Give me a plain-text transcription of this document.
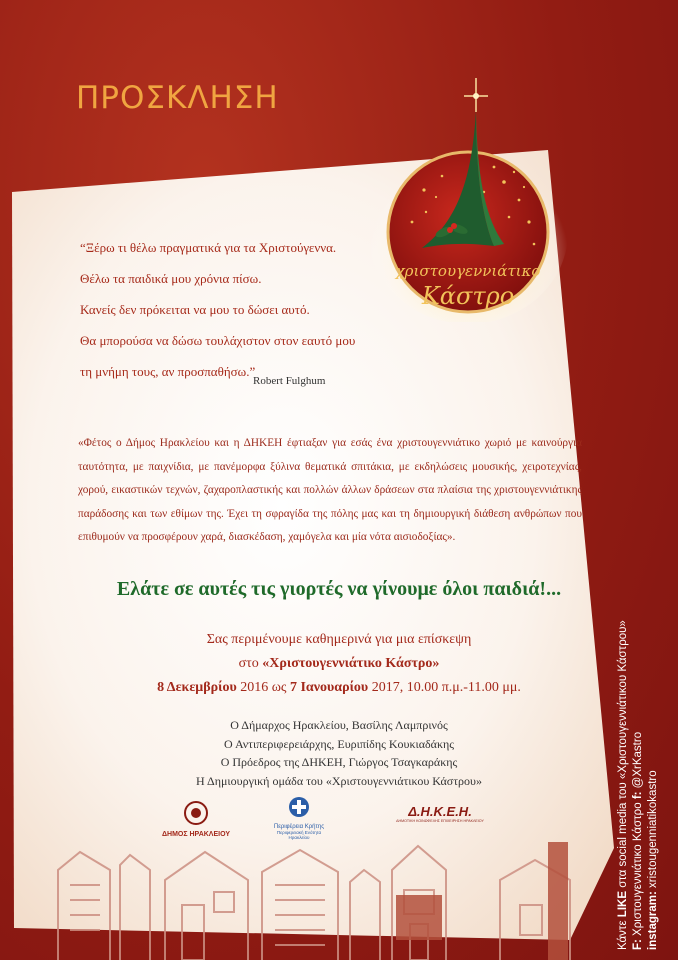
ΠΡΟΣΚΛΗΣΗ
χριστουγεννιάτικο
Κάστρο

“Ξέρω τι θέλω πραγματικά για τα Χριστούγεννα.

Θέλω τα παιδικά μου χρόνια πίσω.

Κανείς δεν πρόκειται να μου το δώσει αυτό.

Θα μπορούσα να δώσω τουλάχιστον στον εαυτό μου

τη μνήμη τους, αν προσπαθήσω.”

Robert Fulghum
«Φέτος ο Δήμος Ηρακλείου και η ΔΗΚΕΗ έφτιαξαν για εσάς ένα χριστουγεννιάτικο χωριό με καινούργια ταυτότητα, με παιχνίδια, με πανέμορφα ξύλινα θεματικά σπιτάκια, με εκδηλώσεις μουσικής, χειροτεχνίας, χορού, εικαστικών τεχνών, ζαχαροπλαστικής και πολλών άλλων δράσεων στα πλαίσια της χριστουγεννιάτικης παράδοσης και των εθίμων της. Έχει τη σφραγίδα της πόλης μας και τη δημιουργική διάθεση ανθρώπων που επιθυμούν να προσφέρουν χαρά, διασκέδαση, χαμόγελα και μία νότα αισιοδοξίας».
Ελάτε σε αυτές τις γιορτές να γίνουμε όλοι παιδιά!...
Σας περιμένουμε καθημερινά για μια επίσκεψη
στο «Χριστουγεννιάτικο Κάστρο»
8 Δεκεμβρίου 2016 ως 7 Ιανουαρίου 2017, 10.00 π.μ.-11.00 μμ.
Ο Δήμαρχος Ηρακλείου, Βασίλης Λαμπρινός
Ο Αντιπεριφερειάρχης, Ευριπίδης Κουκιαδάκης
Ο Πρόεδρος της ΔΗΚΕΗ, Γιώργος Τσαγκαράκης
Η Δημιουργική ομάδα του «Χριστουγεννιάτικου Κάστρου»
ΔΗΜΟΣ ΗΡΑΚΛΕΙΟΥ
Περιφέρεια Κρήτης
Περιφερειακή Ενότητα
Ηρακλείου
Δ.Η.Κ.Ε.Η.
ΔΗΜΟΤΙΚΗ ΚΟΙΝΩΦΕΛΗΣ ΕΠΙΧΕΙΡΗΣΗ ΗΡΑΚΛΕΙΟΥ
Κάντε LIKE στα social media του «Χριστουγεννιάτικου Κάστρου»
F: Χριστουγεννιάτικο Κάστρο f: @XrKastro
instagram: xristougenniatikokastro
